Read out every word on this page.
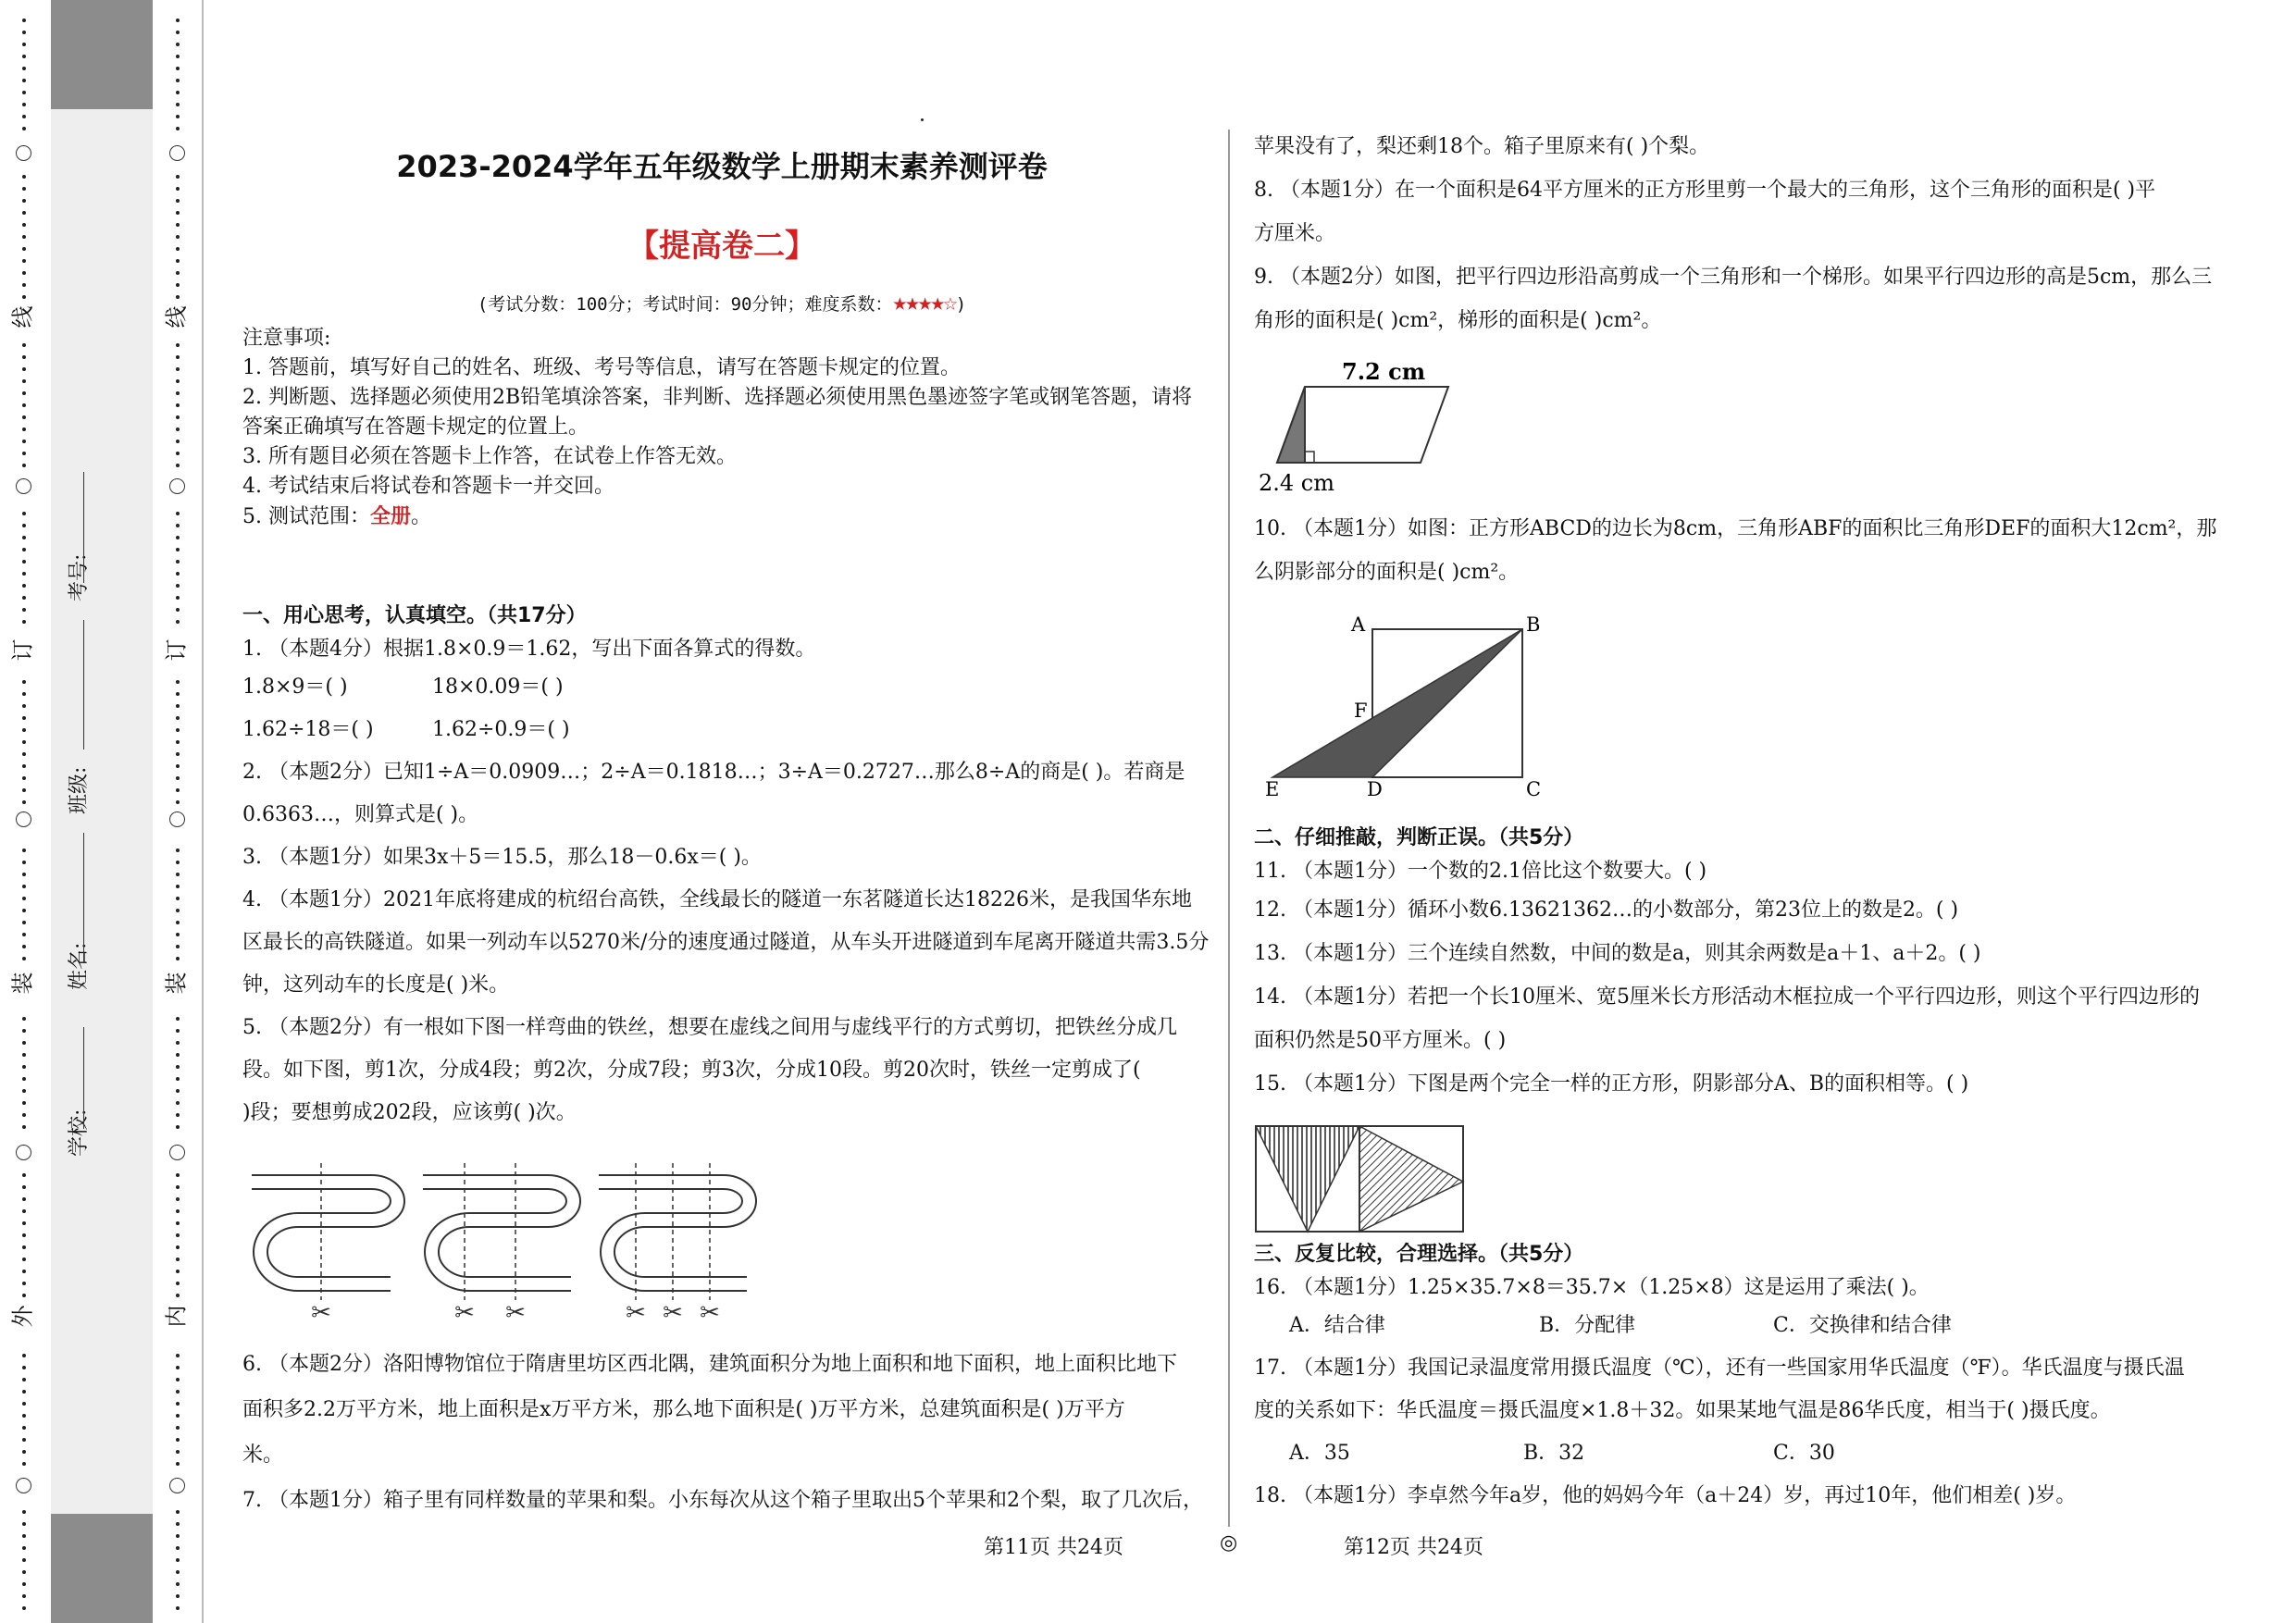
线
订
装
外
线
订
装
内
考号:
班级:
姓名:
学校:
2023-2024学年五年级数学上册期末素养测评卷
【提高卷二】
(考试分数：100分；考试时间：90分钟；难度系数：★★★★☆)

注意事项:

1. 答题前，填写好自己的姓名、班级、考号等信息，请写在答题卡规定的位置。

2. 判断题、选择题必须使用2B铅笔填涂答案，非判断、选择题必须使用黑色墨迹签字笔或钢笔答题，请将

答案正确填写在答题卡规定的位置上。

3. 所有题目必须在答题卡上作答，在试卷上作答无效。

4. 考试结束后将试卷和答题卡一并交回。

5. 测试范围：全册。

一、用心思考，认真填空。（共17分）

1. （本题4分）根据1.8×0.9＝1.62，写出下面各算式的得数。

1.8×9＝( )	18×0.09＝( )

1.62÷18＝( )	1.62÷0.9＝( )

2. （本题2分）已知1÷A＝0.0909…；2÷A＝0.1818…；3÷A＝0.2727…那么8÷A的商是( )。若商是

0.6363…，则算式是( )。

3. （本题1分）如果3x＋5＝15.5，那么18－0.6x＝( )。

4. （本题1分）2021年底将建成的杭绍台高铁，全线最长的隧道一东茗隧道长达18226米，是我国华东地

区最长的高铁隧道。如果一列动车以5270米/分的速度通过隧道，从车头开进隧道到车尾离开隧道共需3.5分

钟，这列动车的长度是( )米。

5. （本题2分）有一根如下图一样弯曲的铁丝，想要在虚线之间用与虚线平行的方式剪切，把铁丝分成几

段。如下图，剪1次，分成4段；剪2次，分成7段；剪3次，分成10段。剪20次时，铁丝一定剪成了(

)段；要想剪成202段，应该剪( )次。

✂	✂ ✂	✂ ✂ ✂

6. （本题2分）洛阳博物馆位于隋唐里坊区西北隅，建筑面积分为地上面积和地下面积，地上面积比地下

面积多2.2万平方米，地上面积是x万平方米，那么地下面积是( )万平方米，总建筑面积是( )万平方

米。

7. （本题1分）箱子里有同样数量的苹果和梨。小东每次从这个箱子里取出5个苹果和2个梨，取了几次后，

苹果没有了，梨还剩18个。箱子里原来有( )个梨。

8. （本题1分）在一个面积是64平方厘米的正方形里剪一个最大的三角形，这个三角形的面积是( )平

方厘米。

9. （本题2分）如图，把平行四边形沿高剪成一个三角形和一个梯形。如果平行四边形的高是5cm，那么三

角形的面积是( )cm²，梯形的面积是( )cm²。

7.2 cm
2.4 cm

10. （本题1分）如图：正方形ABCD的边长为8cm，三角形ABF的面积比三角形DEF的面积大12cm²，那

么阴影部分的面积是( )cm²。

A	B
C
D
E
F

二、仔细推敲，判断正误。（共5分）

11. （本题1分）一个数的2.1倍比这个数要大。( )

12. （本题1分）循环小数6.13621362…的小数部分，第23位上的数是2。( )

13. （本题1分）三个连续自然数，中间的数是a，则其余两数是a＋1、a＋2。( )

14. （本题1分）若把一个长10厘米、宽5厘米长方形活动木框拉成一个平行四边形，则这个平行四边形的

面积仍然是50平方厘米。( )

15. （本题1分）下图是两个完全一样的正方形，阴影部分A、B的面积相等。( )

三、反复比较，合理选择。（共5分）

16. （本题1分）1.25×35.7×8＝35.7×（1.25×8）这是运用了乘法( )。

A．结合律	B．分配律	C．交换律和结合律

17. （本题1分）我国记录温度常用摄氏温度（℃），还有一些国家用华氏温度（℉）。华氏温度与摄氏温

度的关系如下：华氏温度＝摄氏温度×1.8＋32。如果某地气温是86华氏度，相当于( )摄氏度。

A．35	B．32	C．30

18. （本题1分）李卓然今年a岁，他的妈妈今年（a＋24）岁，再过10年，他们相差( )岁。

第11页 共24页	◎	第12页 共24页
